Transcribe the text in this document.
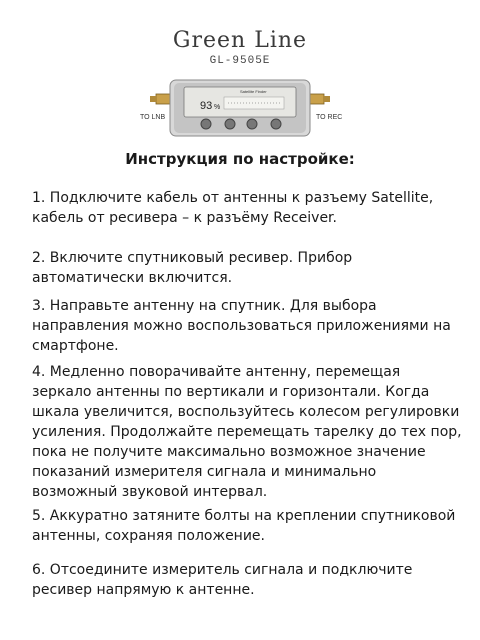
Green Line
GL-9505E
93 %
Satellite Finder
TO LNB	TO REC
Инструкция по настройке:
1. Подключите кабель от антенны к разъему Satellite, кабель от ресивера – к разъёму Receiver.
2. Включите спутниковый ресивер. Прибор автоматически включится.
3. Направьте антенну на спутник. Для выбора направления можно воспользоваться приложениями на смартфоне.
4. Медленно поворачивайте антенну, перемещая зеркало антенны по вертикали и горизонтали. Когда шкала увеличится, воспользуйтесь колесом регулировки усиления. Продолжайте перемещать тарелку до тех пор, пока не получите максимально возможное значение показаний измерителя сигнала и минимально возможный звуковой интервал.
5. Аккуратно затяните болты на креплении спутниковой антенны, сохраняя положение.
6. Отсоедините измеритель сигнала и подключите ресивер напрямую к антенне.
